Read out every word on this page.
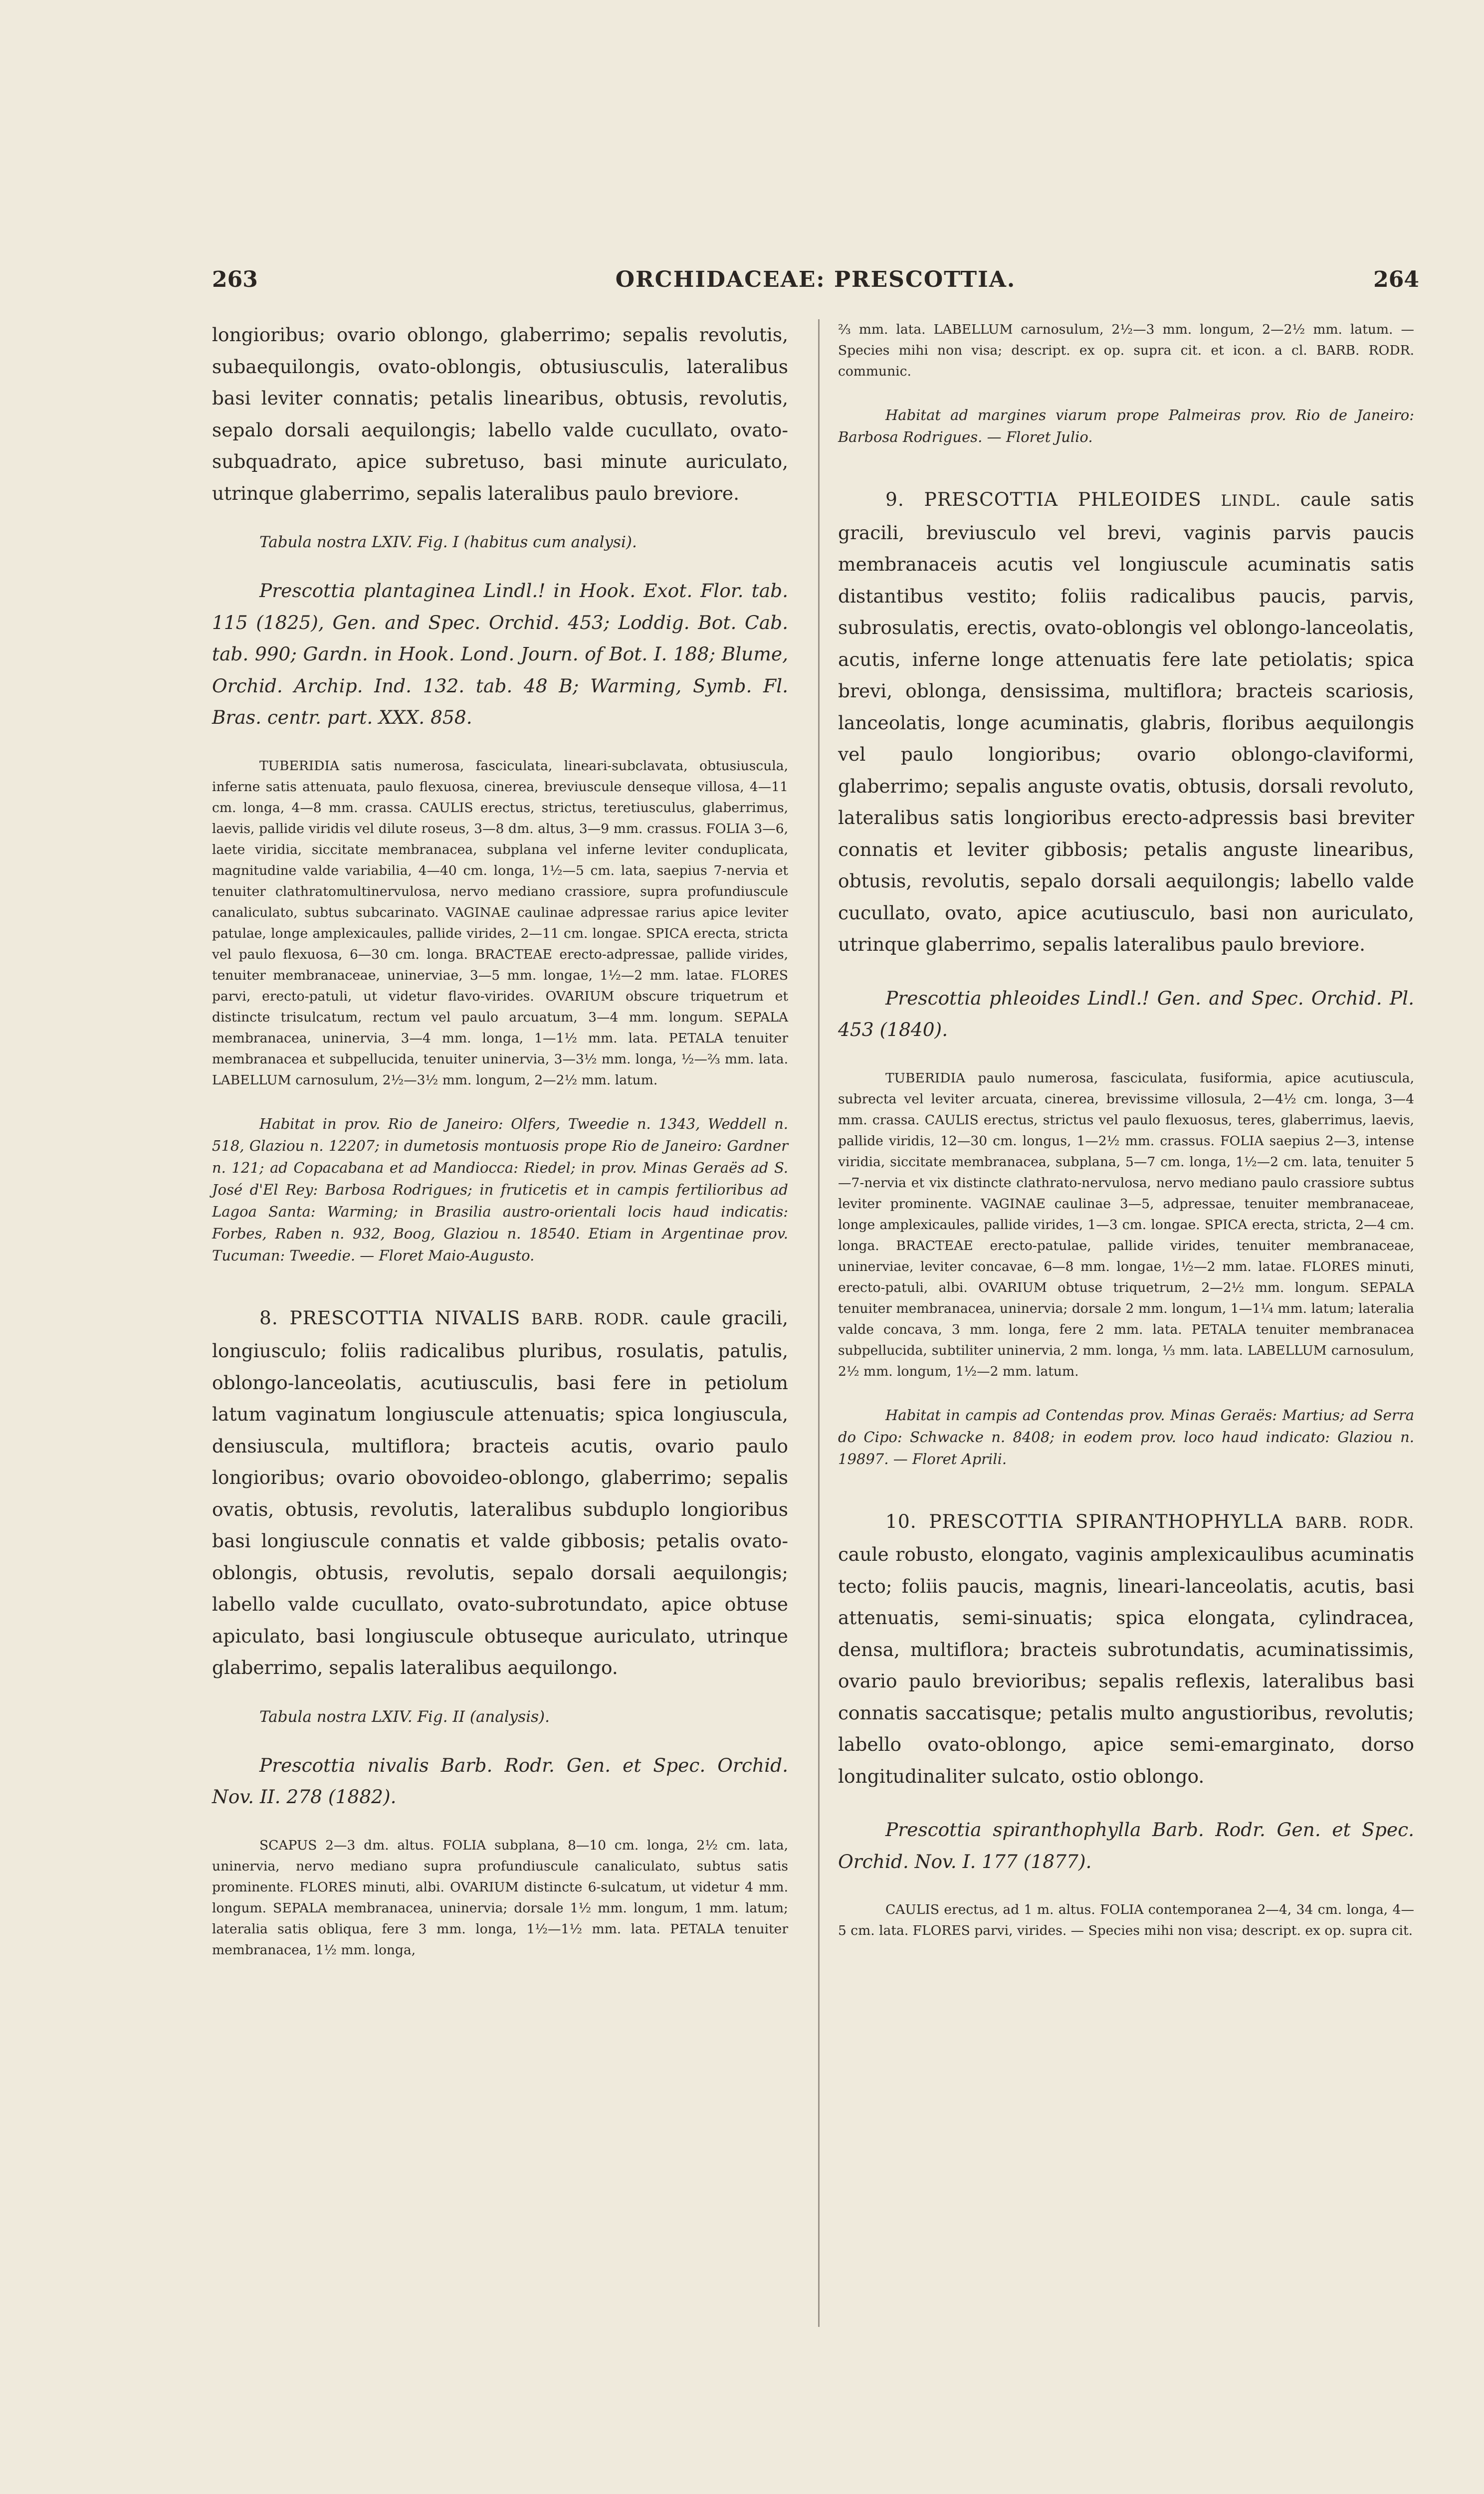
263	ORCHIDACEAE: PRESCOTTIA.	264

longioribus; ovario oblongo, glaberrimo; sepalis revolutis, subaequilongis, ovato-oblongis, obtusiusculis, lateralibus basi leviter connatis; petalis linearibus, obtusis, revolutis, sepalo dorsali aequilongis; labello valde cucullato, ovato-subquadrato, apice subretuso, basi minute auriculato, utrinque glaberrimo, sepalis lateralibus paulo breviore.

Tabula nostra LXIV. Fig. I (habitus cum analysi).

Prescottia plantaginea Lindl.! in Hook. Exot. Flor. tab. 115 (1825), Gen. and Spec. Orchid. 453; Loddig. Bot. Cab. tab. 990; Gardn. in Hook. Lond. Journ. of Bot. I. 188; Blume, Orchid. Archip. Ind. 132. tab. 48 B; Warming, Symb. Fl. Bras. centr. part. XXX. 858.

TUBERIDIA satis numerosa, fasciculata, lineari-subclavata, obtusiuscula, inferne satis attenuata, paulo flexuosa, cinerea, breviuscule denseque villosa, 4—11 cm. longa, 4—8 mm. crassa. CAULIS erectus, strictus, teretiusculus, glaberrimus, laevis, pallide viridis vel dilute roseus, 3—8 dm. altus, 3—9 mm. crassus. FOLIA 3—6, laete viridia, siccitate membranacea, subplana vel inferne leviter conduplicata, magnitudine valde variabilia, 4—40 cm. longa, 1½—5 cm. lata, saepius 7-nervia et tenuiter clathratomultinervulosa, nervo mediano crassiore, supra profundiuscule canaliculato, subtus subcarinato. VAGINAE caulinae adpressae rarius apice leviter patulae, longe amplexicaules, pallide virides, 2—11 cm. longae. SPICA erecta, stricta vel paulo flexuosa, 6—30 cm. longa. BRACTEAE erecto-adpressae, pallide virides, tenuiter membranaceae, uninerviae, 3—5 mm. longae, 1½—2 mm. latae. FLORES parvi, erecto-patuli, ut videtur flavo-virides. OVARIUM obscure triquetrum et distincte trisulcatum, rectum vel paulo arcuatum, 3—4 mm. longum. SEPALA membranacea, uninervia, 3—4 mm. longa, 1—1½ mm. lata. PETALA tenuiter membranacea et subpellucida, tenuiter uninervia, 3—3½ mm. longa, ½—⅔ mm. lata. LABELLUM carnosulum, 2½—3½ mm. longum, 2—2½ mm. latum.

Habitat in prov. Rio de Janeiro: Olfers, Tweedie n. 1343, Weddell n. 518, Glaziou n. 12207; in dumetosis montuosis prope Rio de Janeiro: Gardner n. 121; ad Copacabana et ad Mandiocca: Riedel; in prov. Minas Geraës ad S. José d'El Rey: Barbosa Rodrigues; in fruticetis et in campis fertilioribus ad Lagoa Santa: Warming; in Brasilia austro-orientali locis haud indicatis: Forbes, Raben n. 932, Boog, Glaziou n. 18540. Etiam in Argentinae prov. Tucuman: Tweedie. — Floret Maio-Augusto.

8. PRESCOTTIA NIVALIS BARB. RODR. caule gracili, longiusculo; foliis radicalibus pluribus, rosulatis, patulis, oblongo-lanceolatis, acutiusculis, basi fere in petiolum latum vaginatum longiuscule attenuatis; spica longiuscula, densiuscula, multiflora; bracteis acutis, ovario paulo longioribus; ovario obovoideo-oblongo, glaberrimo; sepalis ovatis, obtusis, revolutis, lateralibus subduplo longioribus basi longiuscule connatis et valde gibbosis; petalis ovato-oblongis, obtusis, revolutis, sepalo dorsali aequilongis; labello valde cucullato, ovato-subrotundato, apice obtuse apiculato, basi longiuscule obtuseque auriculato, utrinque glaberrimo, sepalis lateralibus aequilongo.

Tabula nostra LXIV. Fig. II (analysis).

Prescottia nivalis Barb. Rodr. Gen. et Spec. Orchid. Nov. II. 278 (1882).

SCAPUS 2—3 dm. altus. FOLIA subplana, 8—10 cm. longa, 2½ cm. lata, uninervia, nervo mediano supra profundiuscule canaliculato, subtus satis prominente. FLORES minuti, albi. OVARIUM distincte 6-sulcatum, ut videtur 4 mm. longum. SEPALA membranacea, uninervia; dorsale 1½ mm. longum, 1 mm. latum; lateralia satis obliqua, fere 3 mm. longa, 1½—1½ mm. lata. PETALA tenuiter membranacea, 1½ mm. longa,

⅔ mm. lata. LABELLUM carnosulum, 2½—3 mm. longum, 2—2½ mm. latum. — Species mihi non visa; descript. ex op. supra cit. et icon. a cl. BARB. RODR. communic.

Habitat ad margines viarum prope Palmeiras prov. Rio de Janeiro: Barbosa Rodrigues. — Floret Julio.

9. PRESCOTTIA PHLEOIDES LINDL. caule satis gracili, breviusculo vel brevi, vaginis parvis paucis membranaceis acutis vel longiuscule acuminatis satis distantibus vestito; foliis radicalibus paucis, parvis, subrosulatis, erectis, ovato-oblongis vel oblongo-lanceolatis, acutis, inferne longe attenuatis fere late petiolatis; spica brevi, oblonga, densissima, multiflora; bracteis scariosis, lanceolatis, longe acuminatis, glabris, floribus aequilongis vel paulo longioribus; ovario oblongo-claviformi, glaberrimo; sepalis anguste ovatis, obtusis, dorsali revoluto, lateralibus satis longioribus erecto-adpressis basi breviter connatis et leviter gibbosis; petalis anguste linearibus, obtusis, revolutis, sepalo dorsali aequilongis; labello valde cucullato, ovato, apice acutiusculo, basi non auriculato, utrinque glaberrimo, sepalis lateralibus paulo breviore.

Prescottia phleoides Lindl.! Gen. and Spec. Orchid. Pl. 453 (1840).

TUBERIDIA paulo numerosa, fasciculata, fusiformia, apice acutiuscula, subrecta vel leviter arcuata, cinerea, brevissime villosula, 2—4½ cm. longa, 3—4 mm. crassa. CAULIS erectus, strictus vel paulo flexuosus, teres, glaberrimus, laevis, pallide viridis, 12—30 cm. longus, 1—2½ mm. crassus. FOLIA saepius 2—3, intense viridia, siccitate membranacea, subplana, 5—7 cm. longa, 1½—2 cm. lata, tenuiter 5—7-nervia et vix distincte clathrato-nervulosa, nervo mediano paulo crassiore subtus leviter prominente. VAGINAE caulinae 3—5, adpressae, tenuiter membranaceae, longe amplexicaules, pallide virides, 1—3 cm. longae. SPICA erecta, stricta, 2—4 cm. longa. BRACTEAE erecto-patulae, pallide virides, tenuiter membranaceae, uninerviae, leviter concavae, 6—8 mm. longae, 1½—2 mm. latae. FLORES minuti, erecto-patuli, albi. OVARIUM obtuse triquetrum, 2—2½ mm. longum. SEPALA tenuiter membranacea, uninervia; dorsale 2 mm. longum, 1—1¼ mm. latum; lateralia valde concava, 3 mm. longa, fere 2 mm. lata. PETALA tenuiter membranacea subpellucida, subtiliter uninervia, 2 mm. longa, ⅓ mm. lata. LABELLUM carnosulum, 2½ mm. longum, 1½—2 mm. latum.

Habitat in campis ad Contendas prov. Minas Geraës: Martius; ad Serra do Cipo: Schwacke n. 8408; in eodem prov. loco haud indicato: Glaziou n. 19897. — Floret Aprili.

10. PRESCOTTIA SPIRANTHOPHYLLA BARB. RODR. caule robusto, elongato, vaginis amplexicaulibus acuminatis tecto; foliis paucis, magnis, lineari-lanceolatis, acutis, basi attenuatis, semi-sinuatis; spica elongata, cylindracea, densa, multiflora; bracteis subrotundatis, acuminatissimis, ovario paulo brevioribus; sepalis reflexis, lateralibus basi connatis saccatisque; petalis multo angustioribus, revolutis; labello ovato-oblongo, apice semi-emarginato, dorso longitudinaliter sulcato, ostio oblongo.

Prescottia spiranthophylla Barb. Rodr. Gen. et Spec. Orchid. Nov. I. 177 (1877).

CAULIS erectus, ad 1 m. altus. FOLIA contemporanea 2—4, 34 cm. longa, 4—5 cm. lata. FLORES parvi, virides. — Species mihi non visa; descript. ex op. supra cit.
